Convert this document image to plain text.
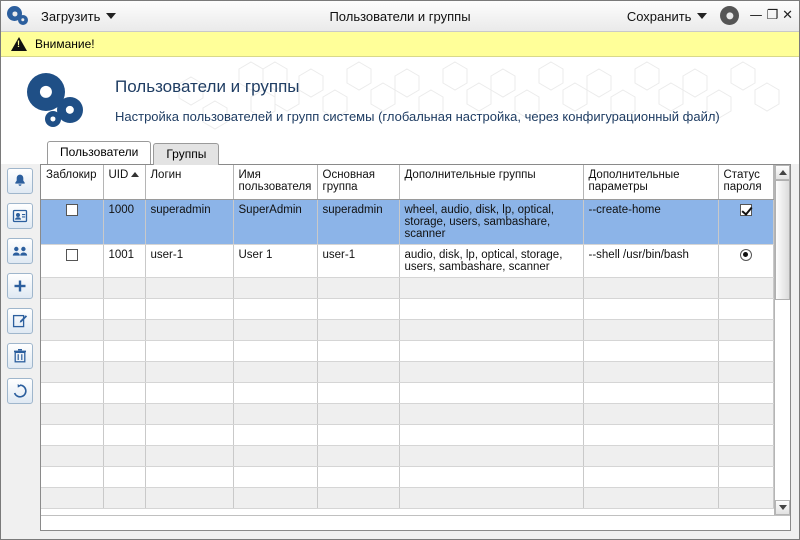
Загрузить	Пользователи и группы	Сохранить	— ❐ ✕
!
Внимание!
Пользователи и группы
Настройка пользователей и групп системы (глобальная настройка, через конфигурационный файл)
Пользователи	Группы
Заблокир	UID	Логин	Имя пользователя	Основная группа	Дополнительные группы	Дополнительные параметры	Статус пароля
	1000	superadmin	SuperAdmin	superadmin	wheel, audio, disk, lp, optical, storage, users, sambashare, scanner	--create-home	
	1001	user-1	User 1	user-1	audio, disk, lp, optical, storage, users, sambashare, scanner	--shell /usr/bin/bash	
